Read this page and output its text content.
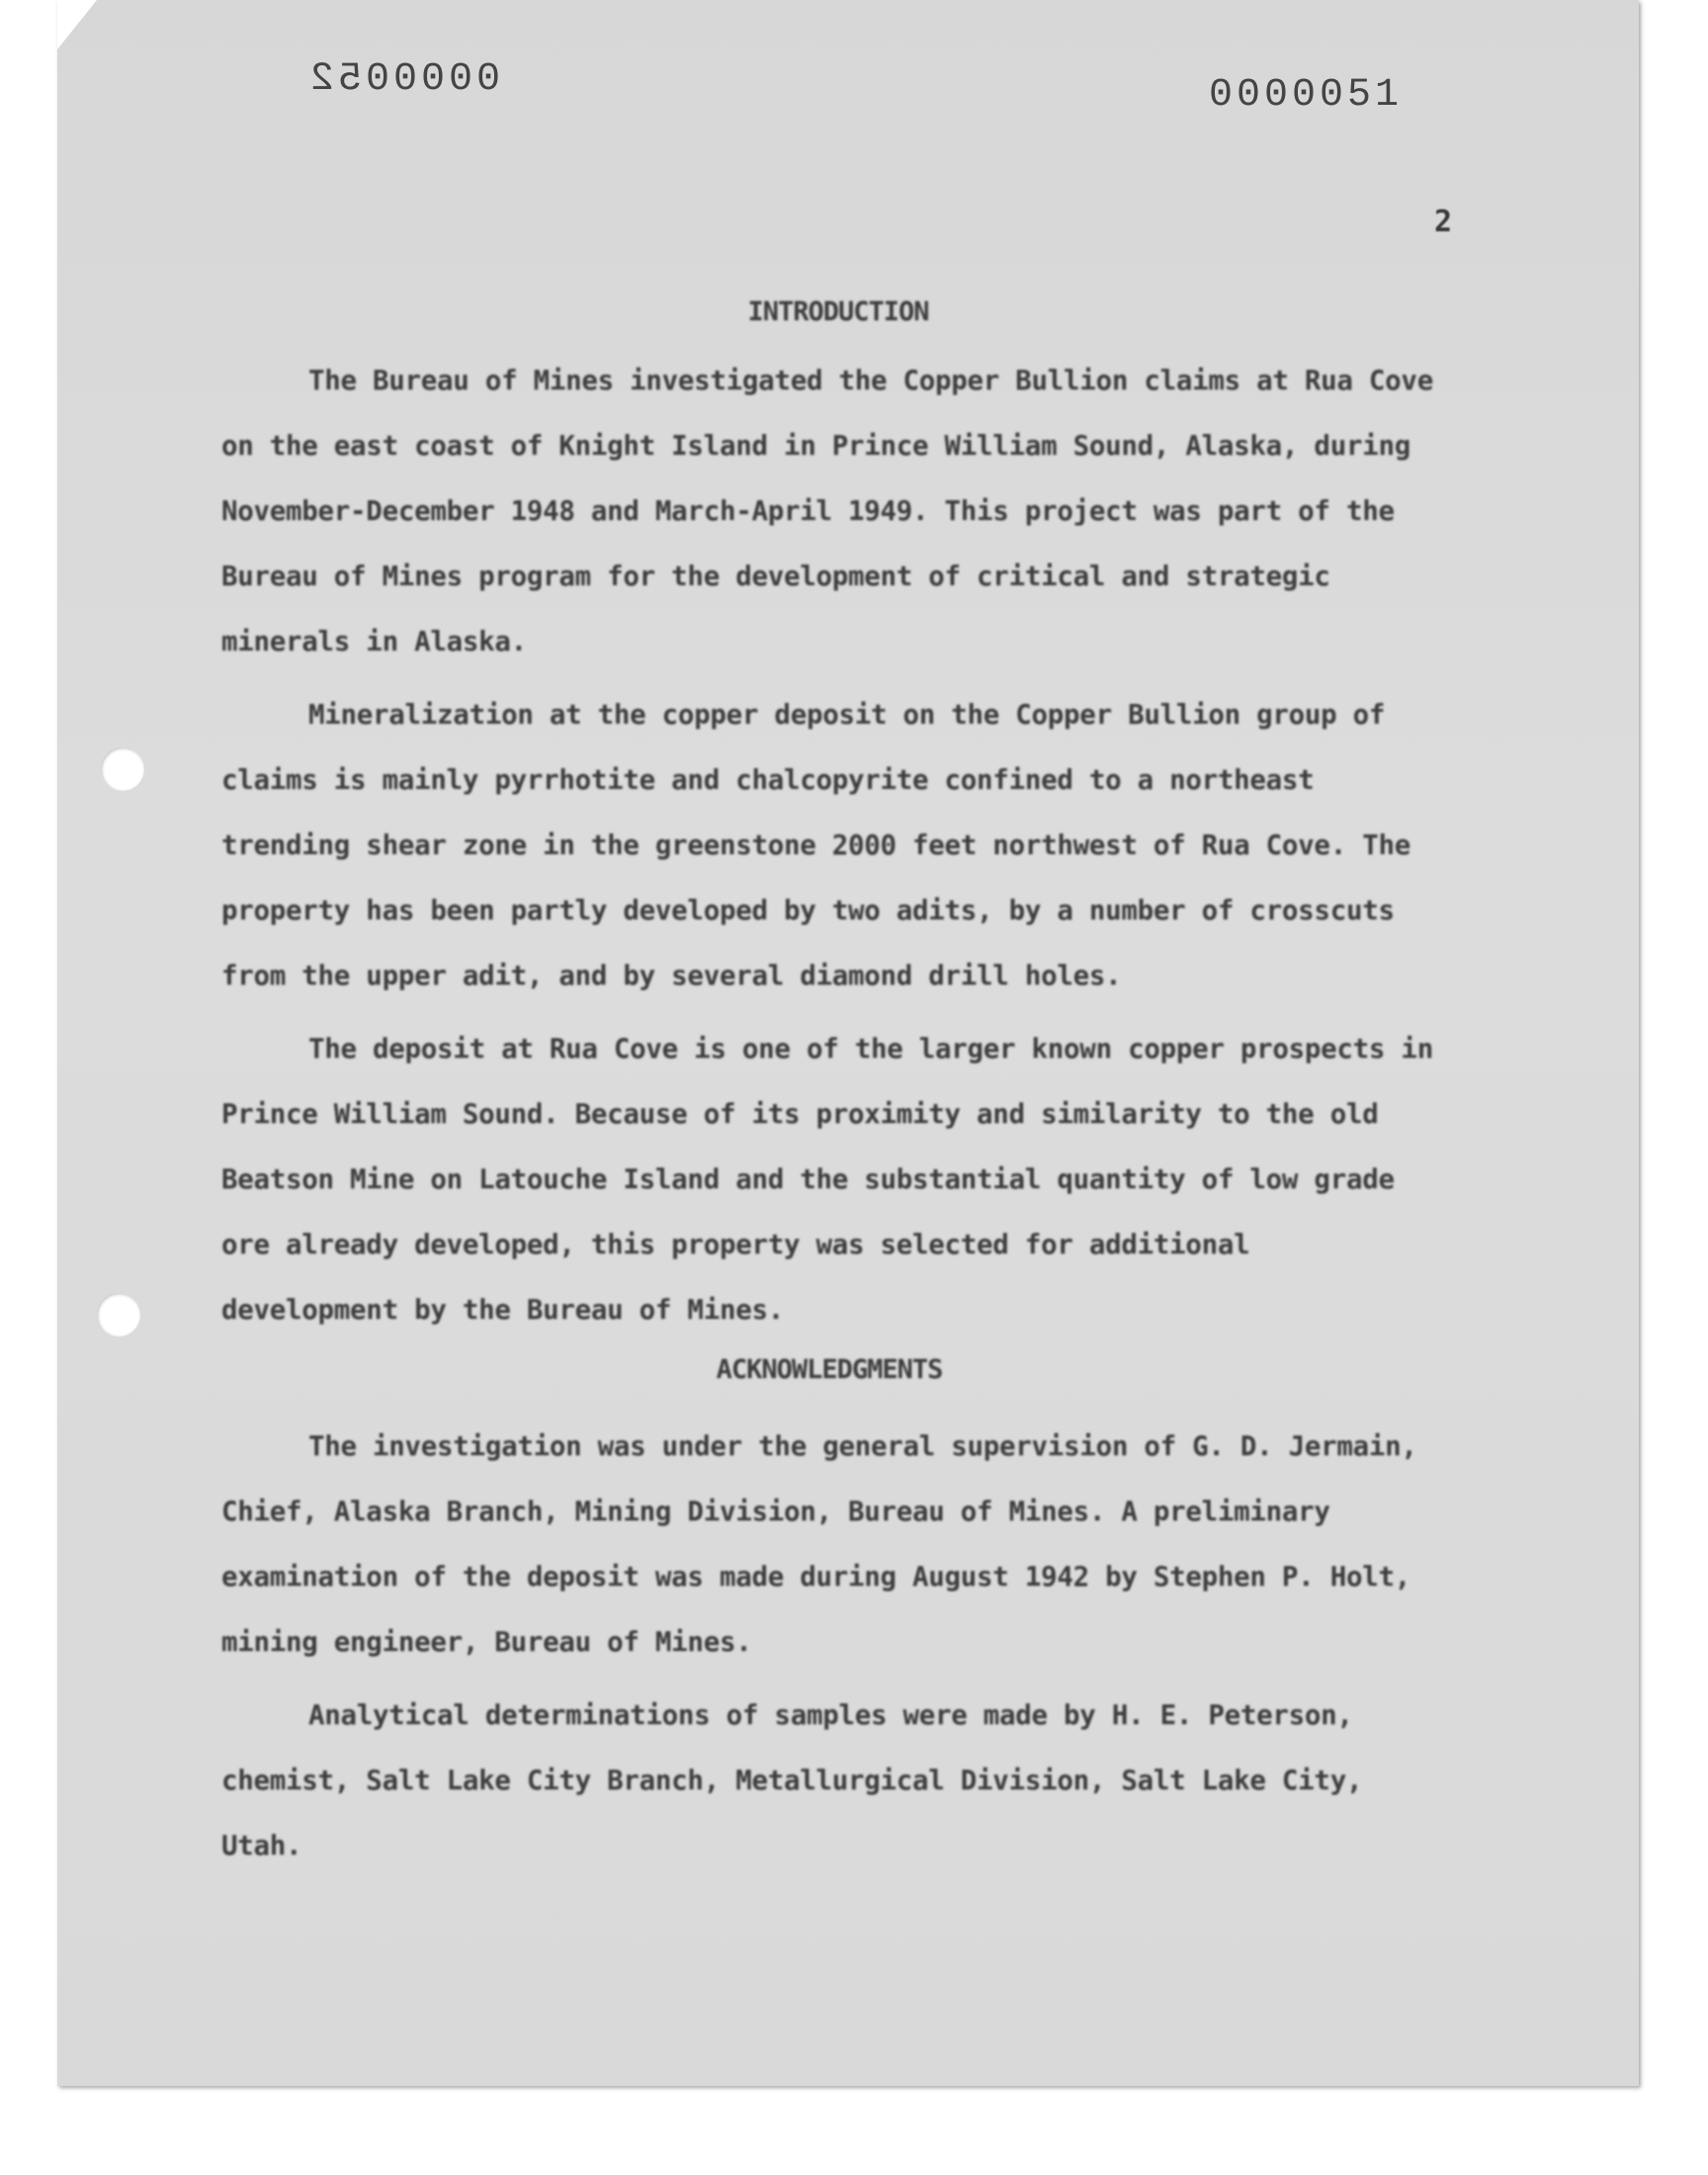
0000052	0000051
2
INTRODUCTION

The Bureau of Mines investigated the Copper Bullion claims at Rua Cove on the east coast of Knight Island in Prince William Sound, Alaska, during November-December 1948 and March-April 1949. This project was part of the Bureau of Mines program for the development of critical and strategic minerals in Alaska.

Mineralization at the copper deposit on the Copper Bullion group of claims is mainly pyrrhotite and chalcopyrite confined to a northeast trending shear zone in the greenstone 2000 feet northwest of Rua Cove. The property has been partly developed by two adits, by a number of crosscuts from the upper adit, and by several diamond drill holes.

The deposit at Rua Cove is one of the larger known copper prospects in Prince William Sound. Because of its proximity and similarity to the old Beatson Mine on Latouche Island and the substantial quantity of low grade ore already developed, this property was selected for additional development by the Bureau of Mines.

ACKNOWLEDGMENTS

The investigation was under the general supervision of G. D. Jermain, Chief, Alaska Branch, Mining Division, Bureau of Mines. A preliminary examination of the deposit was made during August 1942 by Stephen P. Holt, mining engineer, Bureau of Mines.

Analytical determinations of samples were made by H. E. Peterson, chemist, Salt Lake City Branch, Metallurgical Division, Salt Lake City, Utah.
